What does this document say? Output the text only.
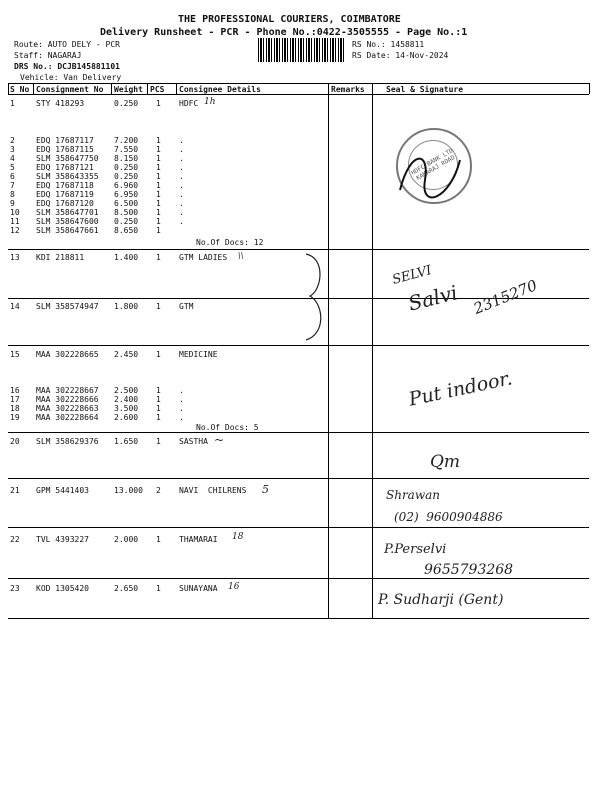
THE PROFESSIONAL COURIERS, COIMBATORE
Delivery Runsheet - PCR - Phone No.:0422-3505555 - Page No.:1
Route: AUTO DELY - PCR
Staff: NAGARAJ
DRS No.: DCJB145881101
Vehicle: Van Delivery
RS No.: 1458811
RS Date: 14-Nov-2024
S No Consignment No Weight PCS Consignee Details	Remarks	Seal & Signature
1	STY 418293	0.250 1 HDFC
2	EDQ 17687117	7.200 1 .
3	EDQ 17687115	7.550 1 .
4	SLM 358647750 8.150 1 .
5	EDQ 17687121	0.250 1 .
6	SLM 358643355 0.250 1 .
7	EDQ 17687118	6.960 1 .
8	EDQ 17687119	6.950 1 .
9	EDQ 17687120	6.500 1 .
10 SLM 358647701 8.500 1 .
11 SLM 358647600 0.250 1 .
12 SLM 358647661 8.650 1
No.Of Docs: 12
13 KDI 218811	1.400 1 GTM LADIES
14 SLM 358574947 1.800 1 GTM
15 MAA 302228665 2.450 1 MEDICINE
16 MAA 302228667 2.500 1 .
17 MAA 302228666 2.400 1 .
18 MAA 302228663 3.500 1 .
19 MAA 302228664 2.600 1 .
No.Of Docs: 5
20 SLM 358629376 1.650 1 SASTHA
21 GPM 5441403	13.000 2 NAVI  CHILRENS
22 TVL 4393227	2.000 1 THAMARAI
23 KOD 1305420	2.650 1 SUNAYANA
1h
\\
~
5
18
16
HDFC BANK LTD KAMARAJ ROAD
SELVI
Salvi 2315270
Put indoor.
Qm
Shrawan
(02)  9600904886
P.Perselvi
9655793268
P. Sudharji (Gent)
